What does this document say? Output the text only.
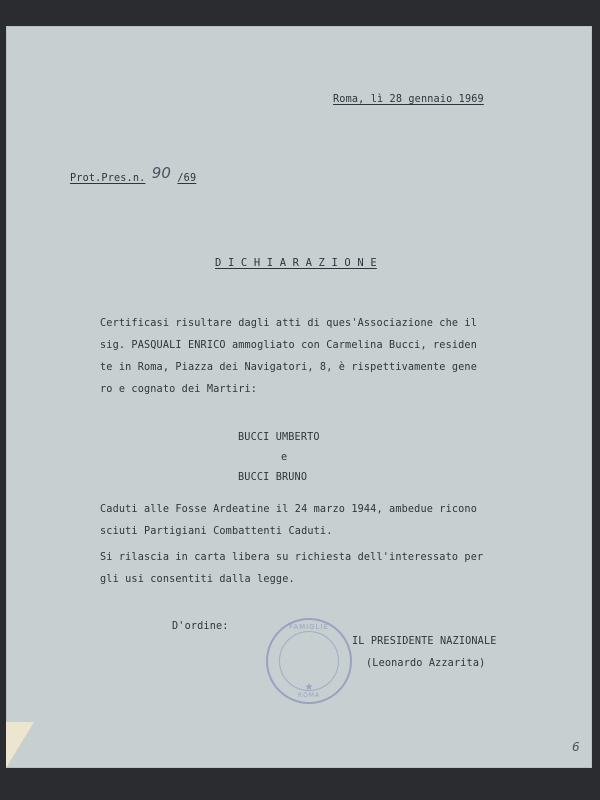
Roma, lì 28 gennaio 1969
Prot.Pres.n. 90 /69
D I C H I A R A Z I O N E
Certificasi risultare dagli atti di ques'Associazione che il
sig. PASQUALI ENRICO ammogliato con Carmelina Bucci, residen
te in Roma, Piazza dei Navigatori, 8, è rispettivamente gene
ro e cognato dei Martiri:
BUCCI UMBERTO
e
BUCCI BRUNO
Caduti alle Fosse Ardeatine il 24 marzo 1944, ambedue ricono
sciuti Partigiani Combattenti Caduti.
Si rilascia in carta libera su richiesta dell'interessato per
gli usi consentiti dalla legge.
D'ordine:	FAMIGLIE
★
ROMA
IL PRESIDENTE NAZIONALE
(Leonardo Azzarita)
6
